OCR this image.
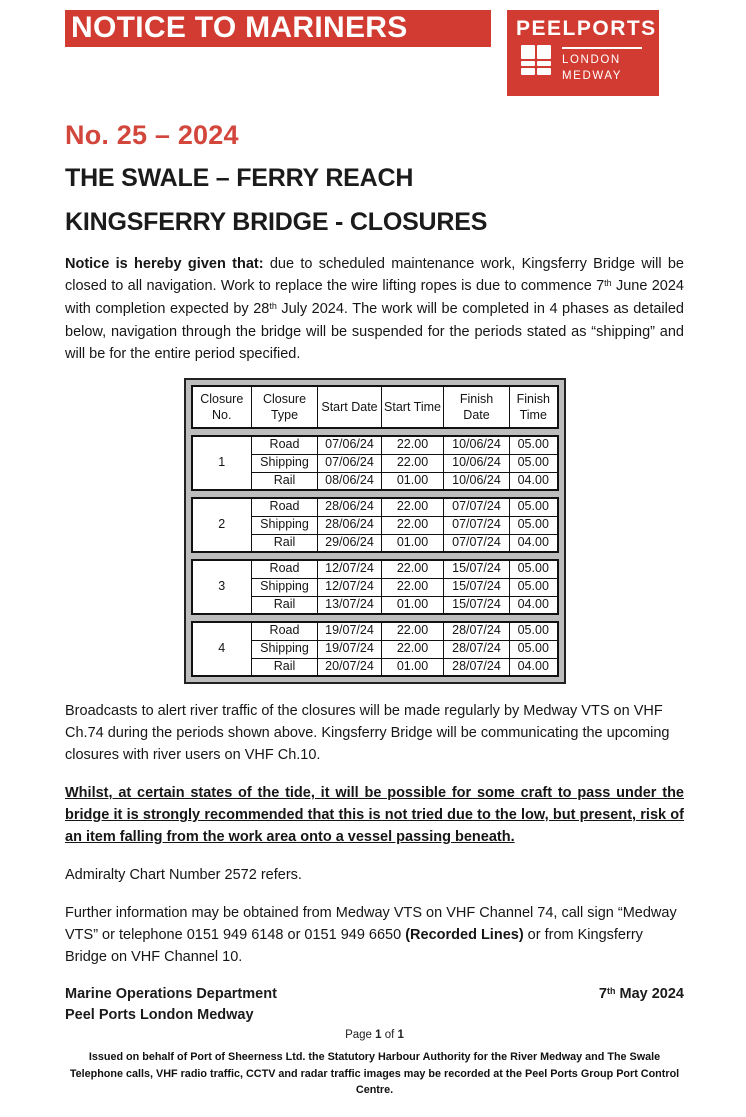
NOTICE TO MARINERS	PEELPORTS
LONDON
MEDWAY
No. 25 – 2024
THE SWALE – FERRY REACH
KINGSFERRY BRIDGE - CLOSURES

Notice is hereby given that: due to scheduled maintenance work, Kingsferry Bridge will be closed to all navigation. Work to replace the wire lifting ropes is due to commence 7th June 2024 with completion expected by 28th July 2024. The work will be completed in 4 phases as detailed below, navigation through the bridge will be suspended for the periods stated as “shipping” and will be for the entire period specified.

Closure No.	Closure Type	Start Date	Start Time	Finish Date	Finish Time
1	Road	07/06/24	22.00	10/06/24	05.00
	Shipping	07/06/24	22.00	10/06/24	05.00
	Rail	08/06/24	01.00	10/06/24	04.00
2	Road	28/06/24	22.00	07/07/24	05.00
	Shipping	28/06/24	22.00	07/07/24	05.00
	Rail	29/06/24	01.00	07/07/24	04.00
3	Road	12/07/24	22.00	15/07/24	05.00
	Shipping	12/07/24	22.00	15/07/24	05.00
	Rail	13/07/24	01.00	15/07/24	04.00
4	Road	19/07/24	22.00	28/07/24	05.00
	Shipping	19/07/24	22.00	28/07/24	05.00
	Rail	20/07/24	01.00	28/07/24	04.00

Broadcasts to alert river traffic of the closures will be made regularly by Medway VTS on VHF Ch.74 during the periods shown above. Kingsferry Bridge will be communicating the upcoming closures with river users on VHF Ch.10.

Whilst, at certain states of the tide, it will be possible for some craft to pass under the bridge it is strongly recommended that this is not tried due to the low, but present, risk of an item falling from the work area onto a vessel passing beneath.

Admiralty Chart Number 2572 refers.

Further information may be obtained from Medway VTS on VHF Channel 74, call sign “Medway VTS” or telephone 0151 949 6148 or 0151 949 6650 (Recorded Lines) or from Kingsferry Bridge on VHF Channel 10.

Marine Operations Department
Peel Ports London Medway
7th May 2024
Page 1 of 1
Issued on behalf of Port of Sheerness Ltd. the Statutory Harbour Authority for the River Medway and The Swale
Telephone calls, VHF radio traffic, CCTV and radar traffic images may be recorded at the Peel Ports Group Port Control Centre.
